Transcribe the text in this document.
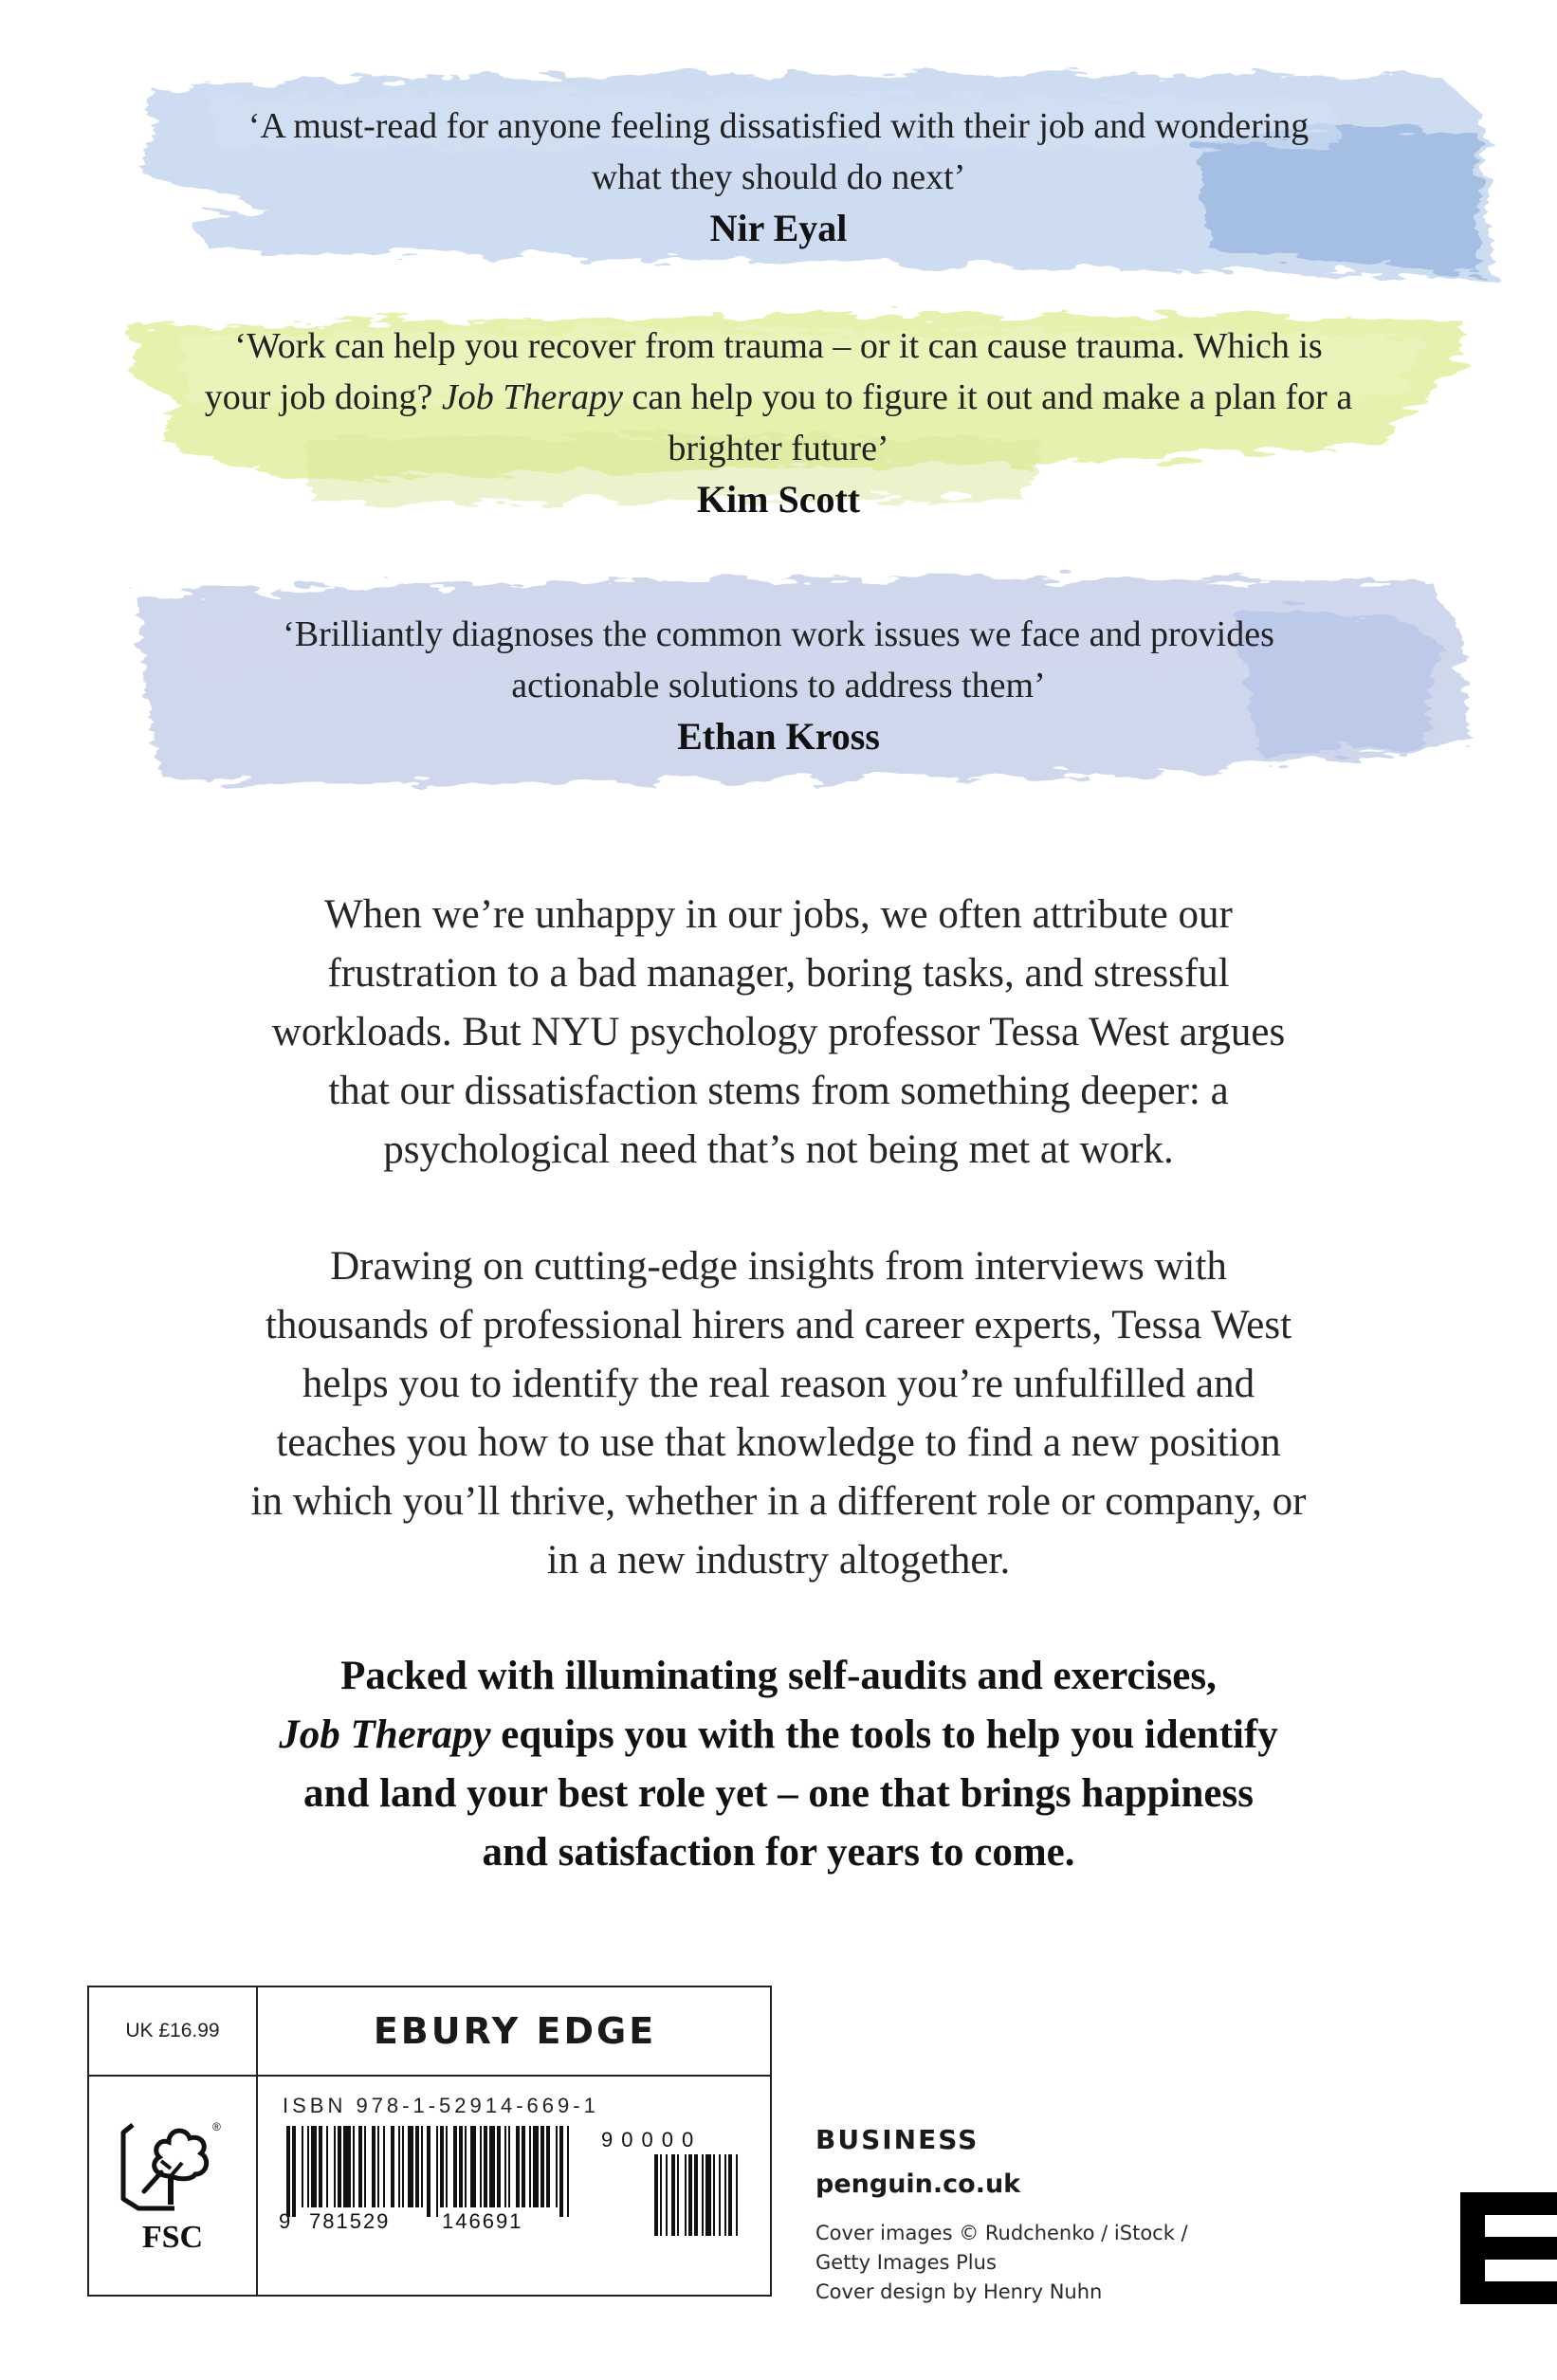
‘A must-read for anyone feeling dissatisfied with their job and wondering
what they should do next’
Nir Eyal
‘Work can help you recover from trauma – or it can cause trauma. Which is
your job doing? Job Therapy can help you to figure it out and make a plan for a
brighter future’
Kim Scott
‘Brilliantly diagnoses the common work issues we face and provides
actionable solutions to address them’
Ethan Kross
When we’re unhappy in our jobs, we often attribute our
frustration to a bad manager, boring tasks, and stressful
workloads. But NYU psychology professor Tessa West argues
that our dissatisfaction stems from something deeper: a
psychological need that’s not being met at work.
Drawing on cutting-edge insights from interviews with
thousands of professional hirers and career experts, Tessa West
helps you to identify the real reason you’re unfulfilled and
teaches you how to use that knowledge to find a new position
in which you’ll thrive, whether in a different role or company, or
in a new industry altogether.
Packed with illuminating self-audits and exercises,
Job Therapy equips you with the tools to help you identify
and land your best role yet – one that brings happiness
and satisfaction for years to come.
UK £16.99	EBURY EDGE
®
FSC
ISBN 978-1-52914-669-1
9 781529 146691
90000	BUSINESS
penguin.co.uk
Cover images © Rudchenko / iStock /
Getty Images Plus
Cover design by Henry Nuhn
